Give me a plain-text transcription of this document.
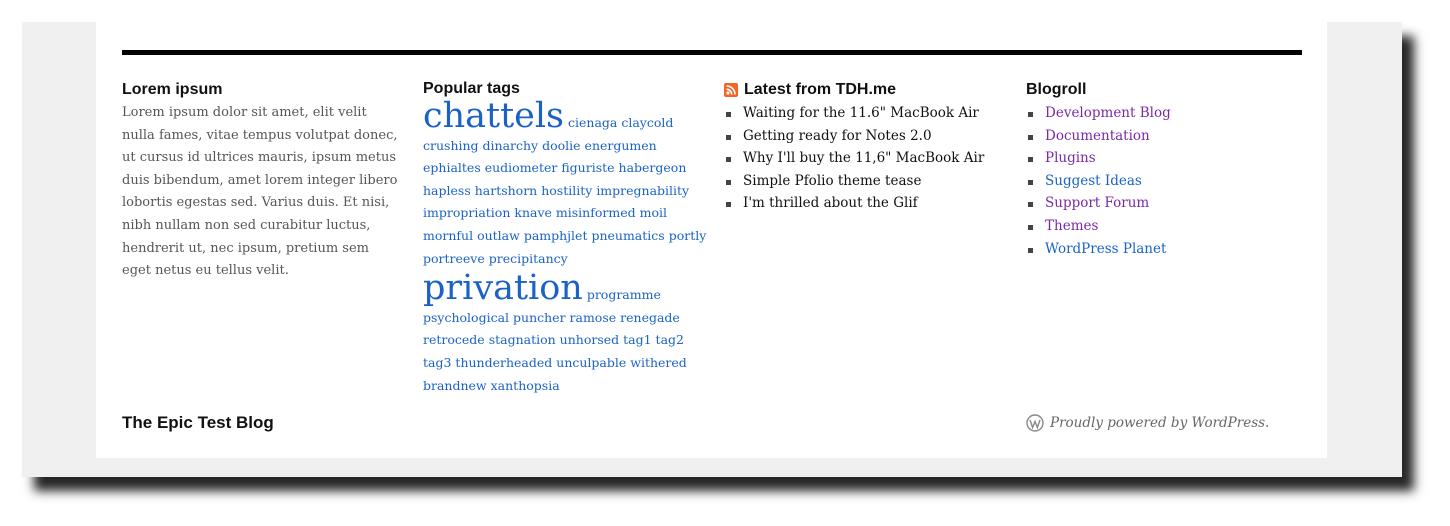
Lorem ipsum

Lorem ipsum dolor sit amet, elit velit nulla fames, vitae tempus volutpat donec, ut cursus id ultrices mauris, ipsum metus duis bibendum, amet lorem integer libero lobortis egestas sed. Varius duis. Et nisi, nibh nullam non sed curabitur luctus, hendrerit ut, nec ipsum, pretium sem eget netus eu tellus velit.

Popular tags
chattels cienaga claycold crushing dinarchy doolie energumen ephialtes eudiometer figuriste habergeon hapless hartshorn hostility impregnability impropriation knave misinformed moil mornful outlaw pamphjlet pneumatics portly portreeve precipitancy privation programme psychological puncher ramose renegade retrocede stagnation unhorsed tag1 tag2 tag3 thunderheaded unculpable withered brandnew xanthopsia
Latest from TDH.me
Waiting for the 11.6" MacBook Air
Getting ready for Notes 2.0
Why I'll buy the 11,6" MacBook Air
Simple Pfolio theme tease
I'm thrilled about the Glif
Blogroll
Development Blog
Documentation
Plugins
Suggest Ideas
Support Forum
Themes
WordPress Planet
The Epic Test Blog	Proudly powered by WordPress.
